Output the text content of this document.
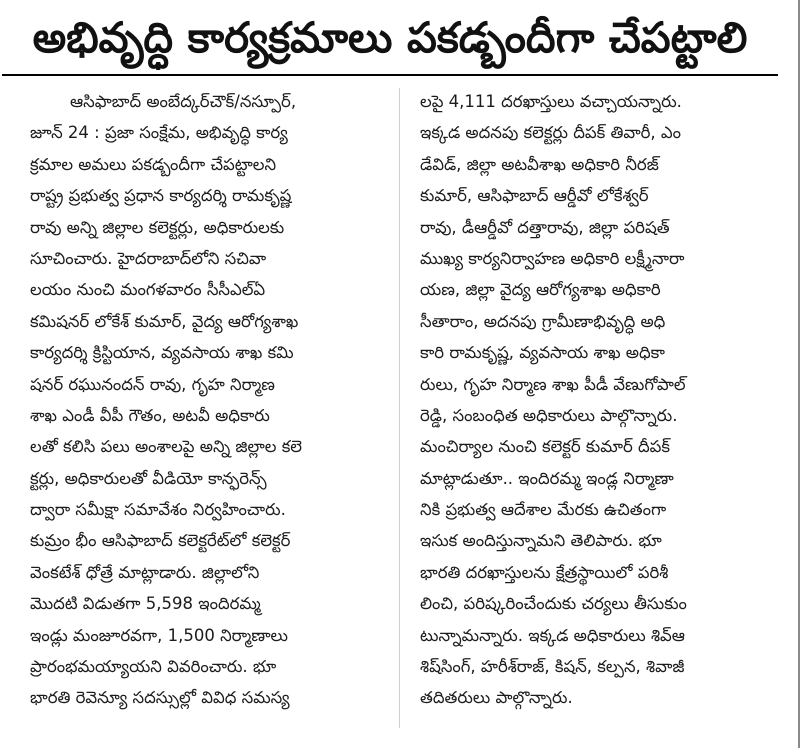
అభివృద్ధి కార్యక్రమాలు పకడ్బందీగా చేపట్టాలి
ఆసిఫాబాద్ అంబేద్కర్‌చౌక్/నస్పూర్,
జూన్ 24 : ప్రజా సంక్షేమ, అభివృద్ధి కార్య
క్రమాల అమలు పకడ్బందీగా చేపట్టాలని
రాష్ట్ర ప్రభుత్వ ప్రధాన కార్యదర్శి రామకృష్ణ
రావు అన్ని జిల్లాల కలెక్టర్లు, అధికారులకు
సూచించారు. హైదరాబాద్‌లోని సచివా
లయం నుంచి మంగళవారం సీసీఎల్‌ఏ
కమిషనర్ లోకేశ్ కుమార్, వైద్య ఆరోగ్యశాఖ
కార్యదర్శి క్రిస్టియాన, వ్యవసాయ శాఖ కమి
షనర్ రఘునందన్ రావు, గృహ నిర్మాణ
శాఖ ఎండీ వీపీ గౌతం, అటవీ అధికారు
లతో కలిసి పలు అంశాలపై అన్ని జిల్లాల కలె
క్టర్లు, అధికారులతో వీడియో కాన్ఫరెన్స్
ద్వారా సమీక్షా సమావేశం నిర్వహించారు.
కుమ్రం భీం ఆసిఫాబాద్ కలెక్టరేట్‌లో కలెక్టర్
వెంకటేశ్ ధోత్రే మాట్లాడారు. జిల్లాలోని
మొదటి విడుతగా 5,598 ఇందిరమ్మ
ఇండ్లు మంజూరవగా, 1,500 నిర్మాణాలు
ప్రారంభమయ్యాయని వివరించారు. భూ
భారతి రెవెన్యూ సదస్సుల్లో వివిధ సమస్య
లపై 4,111 దరఖాస్తులు వచ్చాయన్నారు.
ఇక్కడ అదనపు కలెక్టర్లు దీపక్ తివారీ, ఎం
డేవిడ్, జిల్లా అటవీశాఖ అధికారి నీరజ్
కుమార్, ఆసిఫాబాద్ ఆర్డీవో లోకేశ్వర్
రావు, డీఆర్డీవో దత్తారావు, జిల్లా పరిషత్
ముఖ్య కార్యనిర్వాహణ అధికారి లక్ష్మీనారా
యణ, జిల్లా వైద్య ఆరోగ్యశాఖ అధికారి
సీతారాం, అదనపు గ్రామీణాభివృద్ధి అధి
కారి రామకృష్ణ, వ్యవసాయ శాఖ అధికా
రులు, గృహ నిర్మాణ శాఖ పీడీ వేణుగోపాల్
రెడ్డి, సంబంధిత అధికారులు పాల్గొన్నారు.
మంచిర్యాల నుంచి కలెక్టర్ కుమార్ దీపక్
మాట్లాడుతూ.. ఇందిరమ్మ ఇండ్ల నిర్మాణా
నికి ప్రభుత్వ ఆదేశాల మేరకు ఉచితంగా
ఇసుక అందిస్తున్నామని తెలిపారు. భూ
భారతి దరఖాస్తులను క్షేత్రస్థాయిలో పరిశీ
లించి, పరిష్కరించేందుకు చర్యలు తీసుకుం
టున్నామన్నారు. ఇక్కడ అధికారులు శివ్‌ఆ
శిష్‌సింగ్, హరీశ్‌రాజ్, కిషన్, కల్పన, శివాజీ
తదితరులు పాల్గొన్నారు.
